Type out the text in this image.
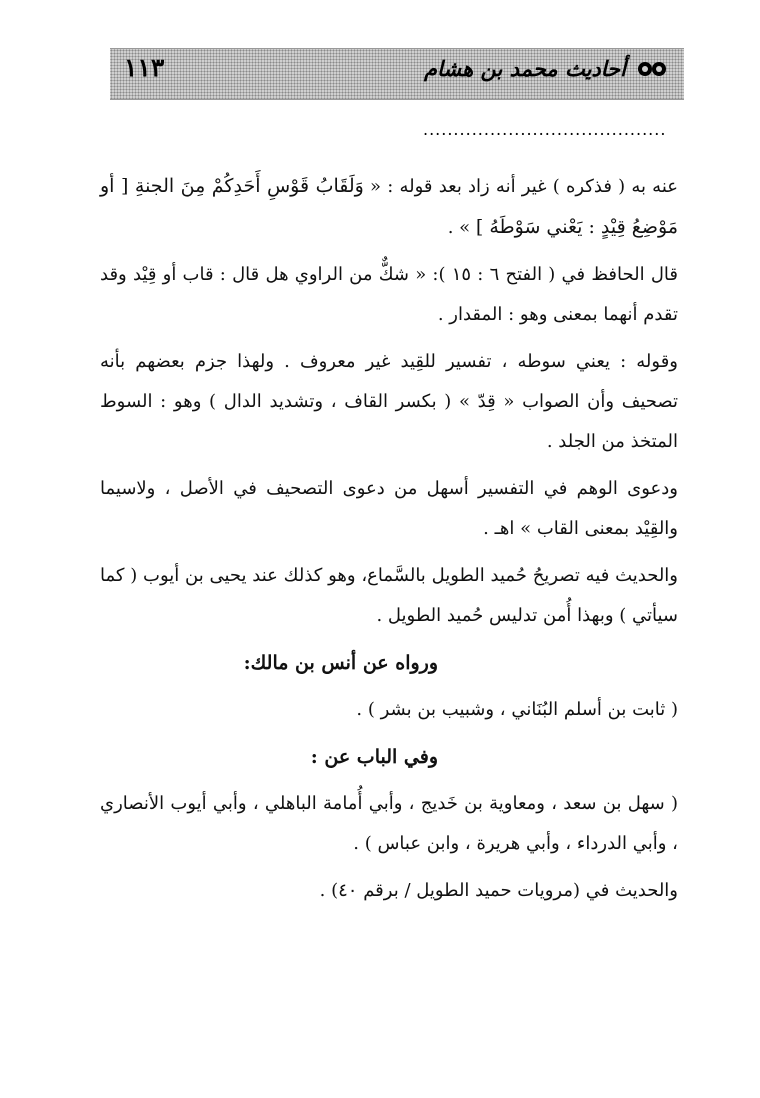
١١٣	أحاديث محمد بن هشام
........................................

عنه به ( فذكره ) غير أنه زاد بعد قوله : « وَلَقَابُ قَوْسِ أَحَدِكُمْ مِنَ الجنةِ [ أو مَوْضِعُ قِيْدٍ : يَعْني سَوْطَهُ ] » .

قال الحافظ في ( الفتح ٦ : ١٥ ): « شكٌّ من الراوي هل قال : قاب أو قِيْد وقد تقدم أنهما بمعنى وهو : المقدار .

وقوله : يعني سوطه ، تفسير للقِيد غير معروف . ولهذا جزم بعضهم بأنه تصحيف وأن الصواب « قِدّ » ( بكسر القاف ، وتشديد الدال ) وهو : السوط المتخذ من الجلد .

ودعوى الوهم في التفسير أسهل من دعوى التصحيف في الأصل ، ولاسيما والقِيْد بمعنى القاب » اهـ .

والحديث فيه تصريحُ حُميد الطويل بالسَّماع، وهو كذلك عند يحيى بن أيوب ( كما سيأتي ) وبهذا أُمن تدليس حُميد الطويل .

ورواه عن أنس بن مالك:

( ثابت بن أسلم البُنَاني ، وشبيب بن بشر ) .

وفي الباب عن :

( سهل بن سعد ، ومعاوية بن خَديج ، وأبي أُمامة الباهلي ، وأبي أيوب الأنصاري ، وأبي الدرداء ، وأبي هريرة ، وابن عباس ) .

والحديث في (مرويات حميد الطويل / برقم ٤٠) .
